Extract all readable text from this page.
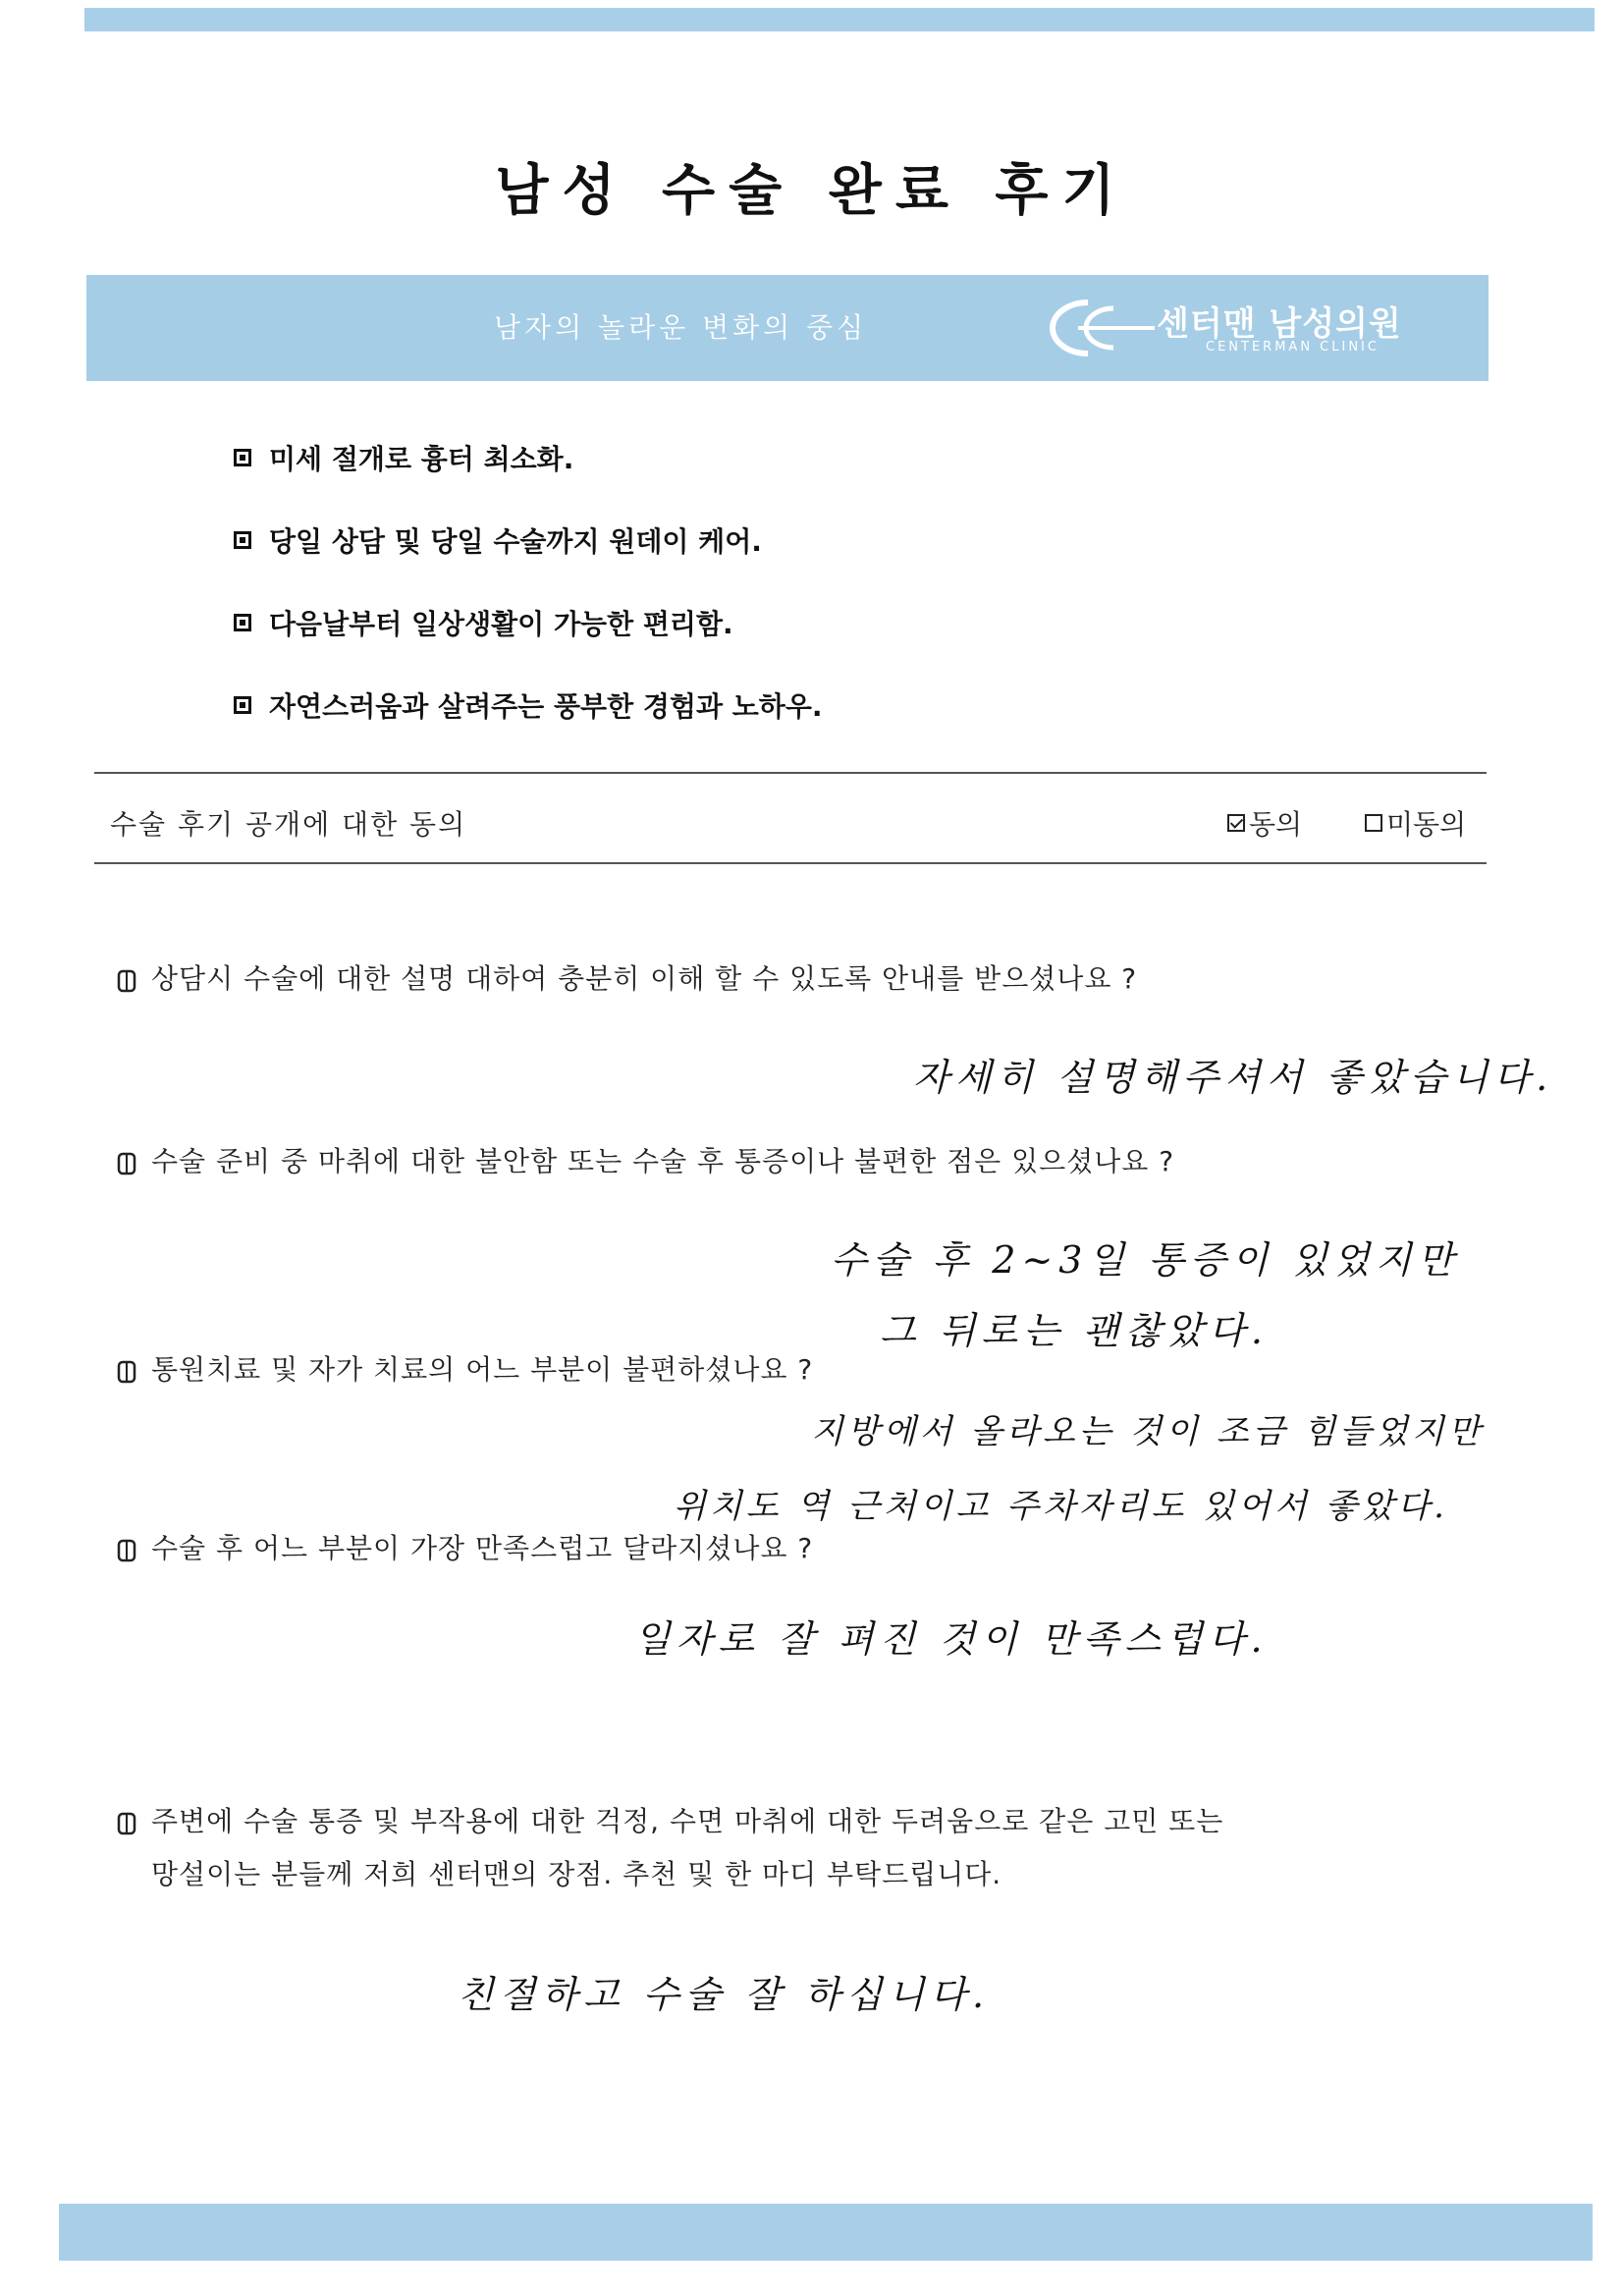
남성 수술 완료 후기
남자의 놀라운 변화의 중심	센터맨 남성의원
CENTERMAN CLINIC
미세 절개로 흉터 최소화.
당일 상담 및 당일 수술까지 원데이 케어.
다음날부터 일상생활이 가능한 편리함.
자연스러움과 살려주는 풍부한 경험과 노하우.
수술 후기 공개에 대한 동의	동의	미동의
상담시 수술에 대한 설명 대하여 충분히 이해 할 수 있도록 안내를 받으셨나요 ?
자세히 설명해주셔서 좋았습니다.
수술 준비 중 마취에 대한 불안함 또는 수술 후 통증이나 불편한 점은 있으셨나요 ?
수술 후 2~3일 통증이 있었지만
그 뒤로는 괜찮았다.
통원치료 및 자가 치료의 어느 부분이 불편하셨나요 ?
지방에서 올라오는 것이 조금 힘들었지만
위치도 역 근처이고 주차자리도 있어서 좋았다.
수술 후 어느 부분이 가장 만족스럽고 달라지셨나요 ?
일자로 잘 펴진 것이 만족스럽다.
주변에 수술 통증 및 부작용에 대한 걱정, 수면 마취에 대한 두려움으로 같은 고민 또는
망설이는 분들께 저희 센터맨의 장점. 추천 및 한 마디 부탁드립니다.
친절하고 수술 잘 하십니다.
